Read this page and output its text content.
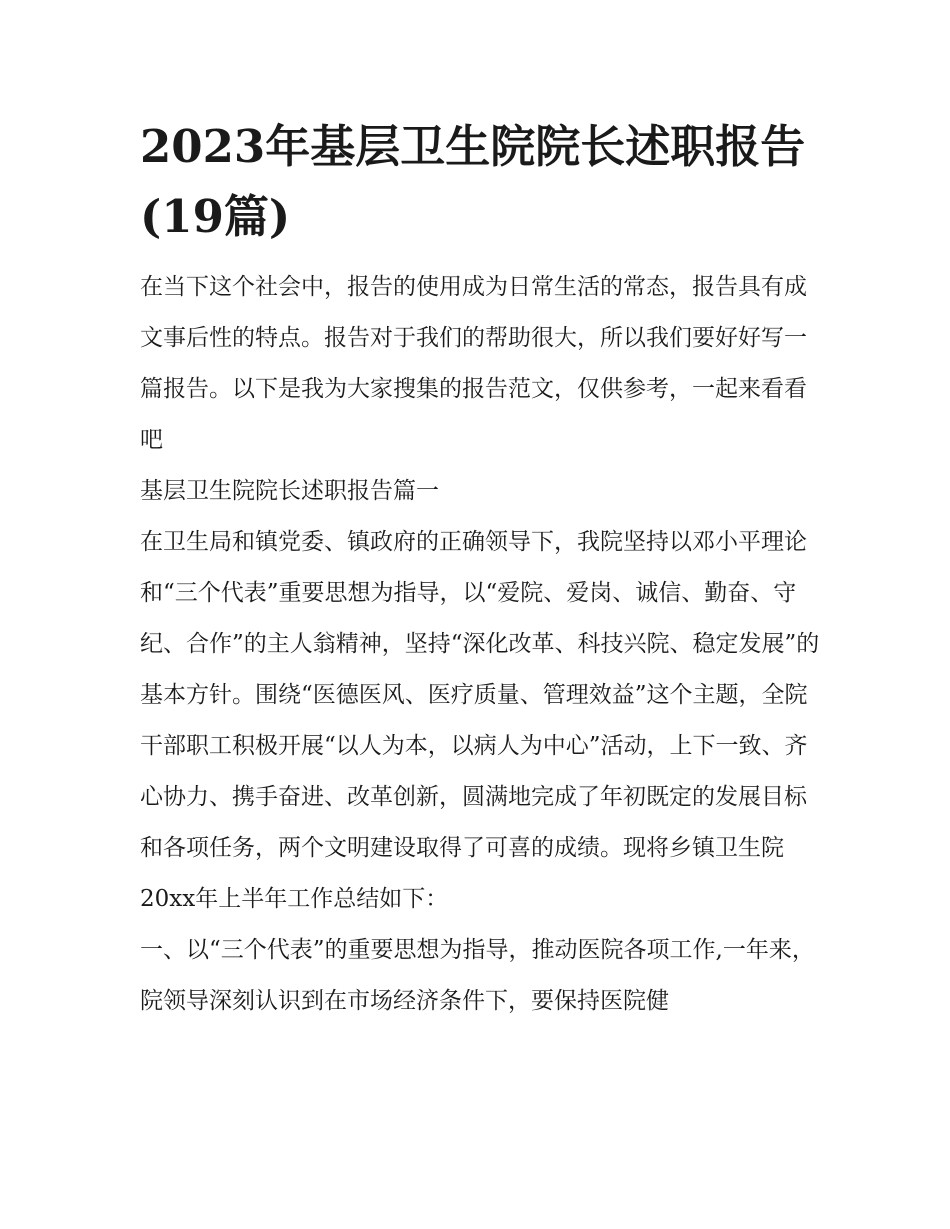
2023年基层卫生院院长述职报告(19篇)

在当下这个社会中，报告的使用成为日常生活的常态，报告具有成文事后性的特点。报告对于我们的帮助很大，所以我们要好好写一篇报告。以下是我为大家搜集的报告范文，仅供参考，一起来看看吧

基层卫生院院长述职报告篇一

在卫生局和镇党委、镇政府的正确领导下，我院坚持以邓小平理论和“三个代表”重要思想为指导，以“爱院、爱岗、诚信、勤奋、守纪、合作”的主人翁精神，坚持“深化改革、科技兴院、稳定发展”的基本方针。围绕“医德医风、医疗质量、管理效益”这个主题，全院干部职工积极开展“以人为本，以病人为中心”活动，上下一致、齐心协力、携手奋进、改革创新，圆满地完成了年初既定的发展目标和各项任务，两个文明建设取得了可喜的成绩。现将乡镇卫生院20xx年上半年工作总结如下：

一、以“三个代表”的重要思想为指导，推动医院各项工作,一年来，院领导深刻认识到在市场经济条件下，要保持医院健
